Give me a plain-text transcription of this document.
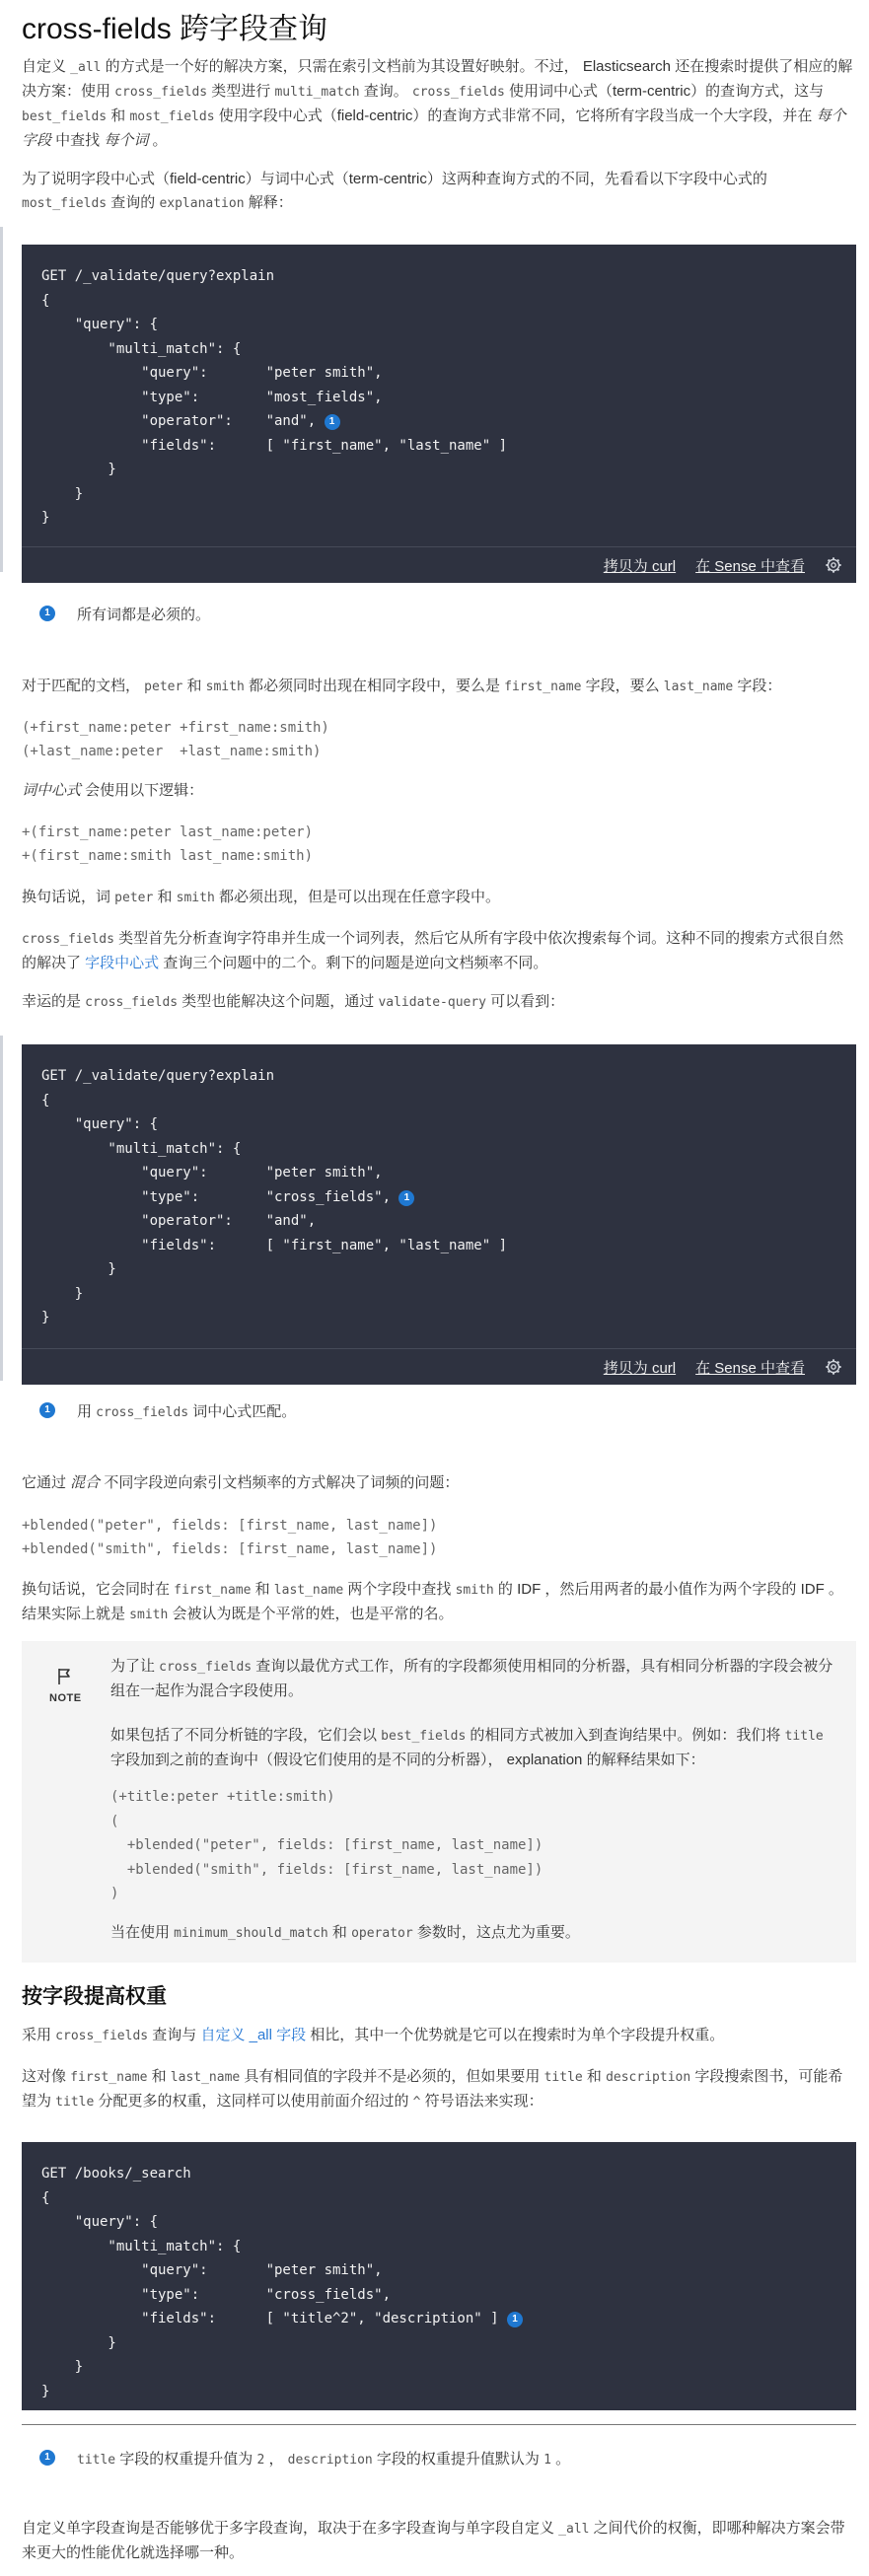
cross-fields 跨字段查询

自定义 _all 的方式是一个好的解决方案，只需在索引文档前为其设置好映射。不过， Elasticsearch 还在搜索时提供了相应的解决方案：使用 cross_fields 类型进行 multi_match 查询。 cross_fields 使用词中心式（term-centric）的查询方式，这与 best_fields 和 most_fields 使用字段中心式（field-centric）的查询方式非常不同，它将所有字段当成一个大字段，并在 每个字段 中查找 每个词 。

为了说明字段中心式（field-centric）与词中心式（term-centric）这两种查询方式的不同，先看看以下字段中心式的 most_fields 查询的 explanation 解释：

GET /_validate/query?explain
{
"query": {
"multi_match": {
"query":       "peter smith",
"type":        "most_fields",
"operator":    "and", 1
"fields":      [ "first_name", "last_name" ]
}
}
}
拷贝为 curl 在 Sense 中查看
1	所有词都是必须的。

对于匹配的文档， peter 和 smith 都必须同时出现在相同字段中，要么是 first_name 字段，要么 last_name 字段：

(+first_name:peter +first_name:smith)
(+last_name:peter  +last_name:smith)

词中心式 会使用以下逻辑：

+(first_name:peter last_name:peter)
+(first_name:smith last_name:smith)

换句话说，词 peter 和 smith 都必须出现，但是可以出现在任意字段中。

cross_fields 类型首先分析查询字符串并生成一个词列表，然后它从所有字段中依次搜索每个词。这种不同的搜索方式很自然的解决了 字段中心式 查询三个问题中的二个。剩下的问题是逆向文档频率不同。

幸运的是 cross_fields 类型也能解决这个问题，通过 validate-query 可以看到：

GET /_validate/query?explain
{
"query": {
"multi_match": {
"query":       "peter smith",
"type":        "cross_fields", 1
"operator":    "and",
"fields":      [ "first_name", "last_name" ]
}
}
}
拷贝为 curl 在 Sense 中查看
1	用 cross_fields 词中心式匹配。

它通过 混合 不同字段逆向索引文档频率的方式解决了词频的问题：

+blended("peter", fields: [first_name, last_name])
+blended("smith", fields: [first_name, last_name])

换句话说，它会同时在 first_name 和 last_name 两个字段中查找 smith 的 IDF ，然后用两者的最小值作为两个字段的 IDF 。结果实际上就是 smith 会被认为既是个平常的姓，也是平常的名。

NOTE

为了让 cross_fields 查询以最优方式工作，所有的字段都须使用相同的分析器，具有相同分析器的字段会被分组在一起作为混合字段使用。

如果包括了不同分析链的字段，它们会以 best_fields 的相同方式被加入到查询结果中。例如：我们将 title 字段加到之前的查询中（假设它们使用的是不同的分析器）， explanation 的解释结果如下：

(+title:peter +title:smith)
(
+blended("peter", fields: [first_name, last_name])
+blended("smith", fields: [first_name, last_name])
)

当在使用 minimum_should_match 和 operator 参数时，这点尤为重要。

按字段提高权重

采用 cross_fields 查询与 自定义 _all 字段 相比，其中一个优势就是它可以在搜索时为单个字段提升权重。

这对像 first_name 和 last_name 具有相同值的字段并不是必须的，但如果要用 title 和 description 字段搜索图书，可能希望为 title 分配更多的权重，这同样可以使用前面介绍过的 ^ 符号语法来实现：

GET /books/_search
{
"query": {
"multi_match": {
"query":       "peter smith",
"type":        "cross_fields",
"fields":      [ "title^2", "description" ] 1
}
}
}
1	title 字段的权重提升值为 2 ， description 字段的权重提升值默认为 1 。

自定义单字段查询是否能够优于多字段查询，取决于在多字段查询与单字段自定义 _all 之间代价的权衡，即哪种解决方案会带来更大的性能优化就选择哪一种。
